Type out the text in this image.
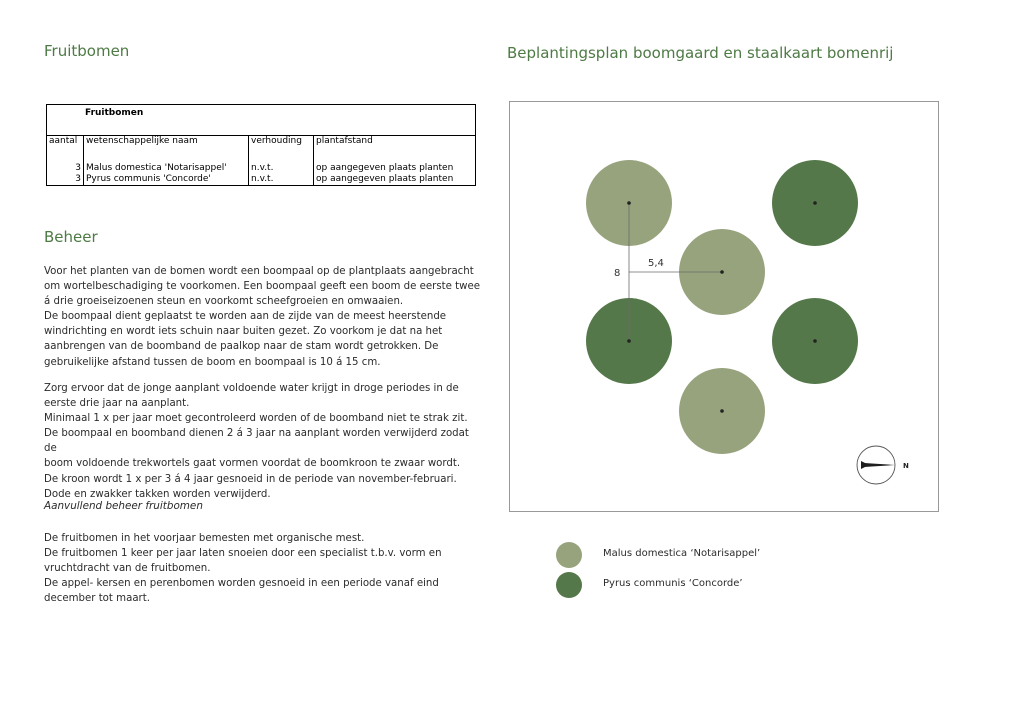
Fruitbomen
Fruitbomen			
aantal	wetenschappelijke naam	verhouding	plantafstand

3	Malus domestica 'Notarisappel'	n.v.t.	op aangegeven plaats planten
3	Pyrus communis 'Concorde'	n.v.t.	op aangegeven plaats planten
Beheer

Voor het planten van de bomen wordt een boompaal op de plantplaats aangebracht

om wortelbeschadiging te voorkomen. Een boompaal geeft een boom de eerste twee

á drie groeiseizoenen steun en voorkomt scheefgroeien en omwaaien.

De boompaal dient geplaatst te worden aan de zijde van de meest heerstende

windrichting en wordt iets schuin naar buiten gezet. Zo voorkom je dat na het

aanbrengen van de boomband de paalkop naar de stam wordt getrokken. De

gebruikelijke afstand tussen de boom en boompaal is 10 á 15 cm.

Zorg ervoor dat de jonge aanplant voldoende water krijgt in droge periodes in de

eerste drie jaar na aanplant.

Minimaal 1 x per jaar moet gecontroleerd worden of de boomband niet te strak zit.

De boompaal en boomband dienen 2 á 3 jaar na aanplant worden verwijderd zodat de

boom voldoende trekwortels gaat vormen voordat de boomkroon te zwaar wordt.

De kroon wordt 1 x per 3 á 4 jaar gesnoeid in de periode van november-februari.

Dode en zwakker takken worden verwijderd.

Aanvullend beheer fruitbomen

De fruitbomen in het voorjaar bemesten met organische mest.

De fruitbomen 1 keer per jaar laten snoeien door een specialist t.b.v. vorm en

vruchtdracht van de fruitbomen.

De appel- kersen en perenbomen worden gesnoeid in een periode vanaf eind

december tot maart.

Beplantingsplan boomgaard en staalkaart bomenrij
8
5,4
N
Malus domestica ‘Notarisappel’
Pyrus communis ‘Concorde’
